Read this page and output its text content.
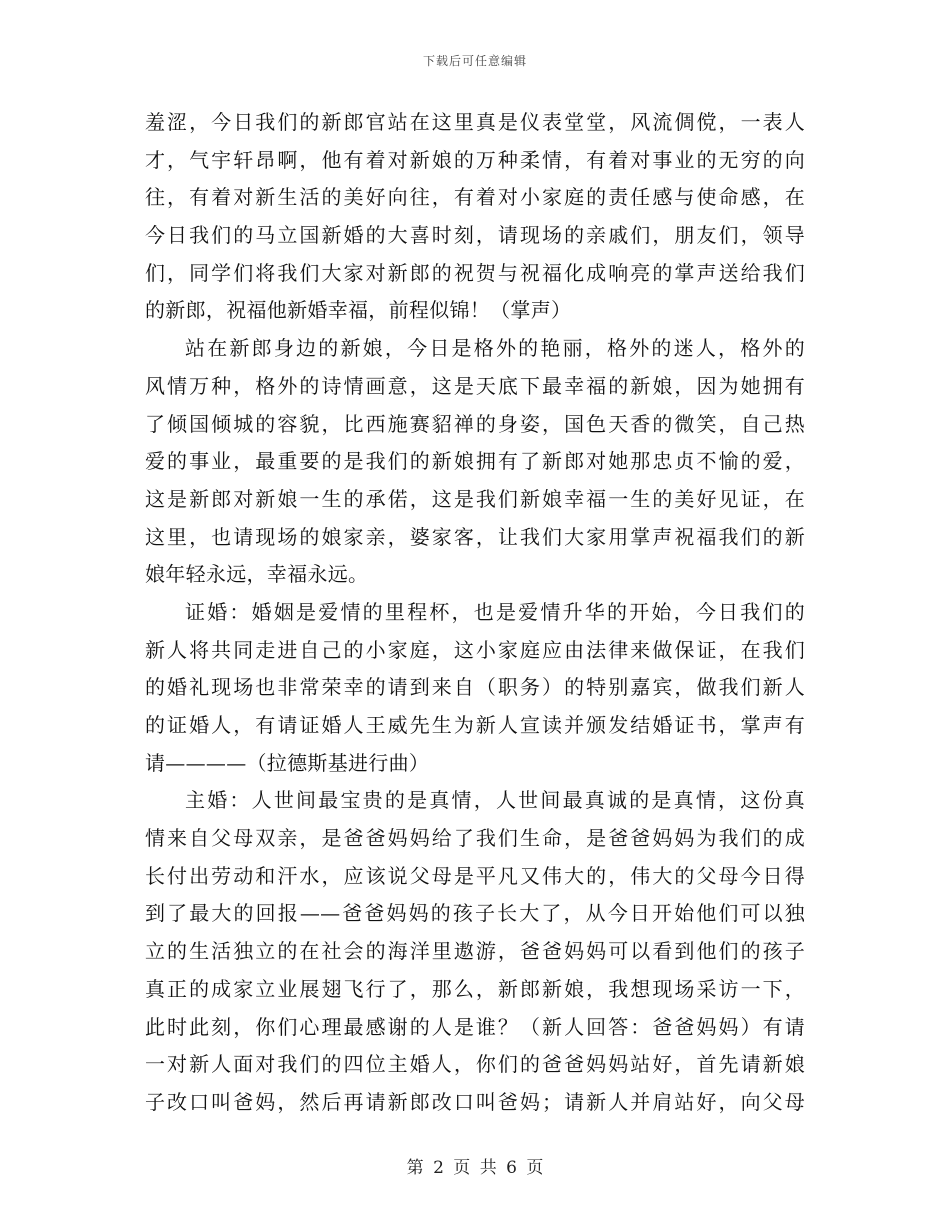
下载后可任意编辑
羞涩，今日我们的新郎官站在这里真是仪表堂堂，风流倜傥，一表人
才，气宇轩昂啊，他有着对新娘的万种柔情，有着对事业的无穷的向
往，有着对新生活的美好向往，有着对小家庭的责任感与使命感，在
今日我们的马立国新婚的大喜时刻，请现场的亲戚们，朋友们，领导
们，同学们将我们大家对新郎的祝贺与祝福化成响亮的掌声送给我们
的新郎，祝福他新婚幸福，前程似锦！（掌声）
站在新郎身边的新娘，今日是格外的艳丽，格外的迷人，格外的
风情万种，格外的诗情画意，这是天底下最幸福的新娘，因为她拥有
了倾国倾城的容貌，比西施赛貂禅的身姿，国色天香的微笑，自己热
爱的事业，最重要的是我们的新娘拥有了新郎对她那忠贞不愉的爱，
这是新郎对新娘一生的承偌，这是我们新娘幸福一生的美好见证，在
这里，也请现场的娘家亲，婆家客，让我们大家用掌声祝福我们的新
娘年轻永远，幸福永远。
证婚：婚姻是爱情的里程杯，也是爱情升华的开始，今日我们的
新人将共同走进自己的小家庭，这小家庭应由法律来做保证，在我们
的婚礼现场也非常荣幸的请到来自（职务）的特别嘉宾，做我们新人
的证婚人，有请证婚人王威先生为新人宣读并颁发结婚证书，掌声有
请————（拉德斯基进行曲）
主婚：人世间最宝贵的是真情，人世间最真诚的是真情，这份真
情来自父母双亲，是爸爸妈妈给了我们生命，是爸爸妈妈为我们的成
长付出劳动和汗水，应该说父母是平凡又伟大的，伟大的父母今日得
到了最大的回报——爸爸妈妈的孩子长大了，从今日开始他们可以独
立的生活独立的在社会的海洋里遨游，爸爸妈妈可以看到他们的孩子
真正的成家立业展翅飞行了，那么，新郎新娘，我想现场采访一下，
此时此刻，你们心理最感谢的人是谁？（新人回答：爸爸妈妈）有请
一对新人面对我们的四位主婚人，你们的爸爸妈妈站好，首先请新娘
子改口叫爸妈，然后再请新郎改口叫爸妈；请新人并肩站好，向父母
第 2 页 共 6 页
